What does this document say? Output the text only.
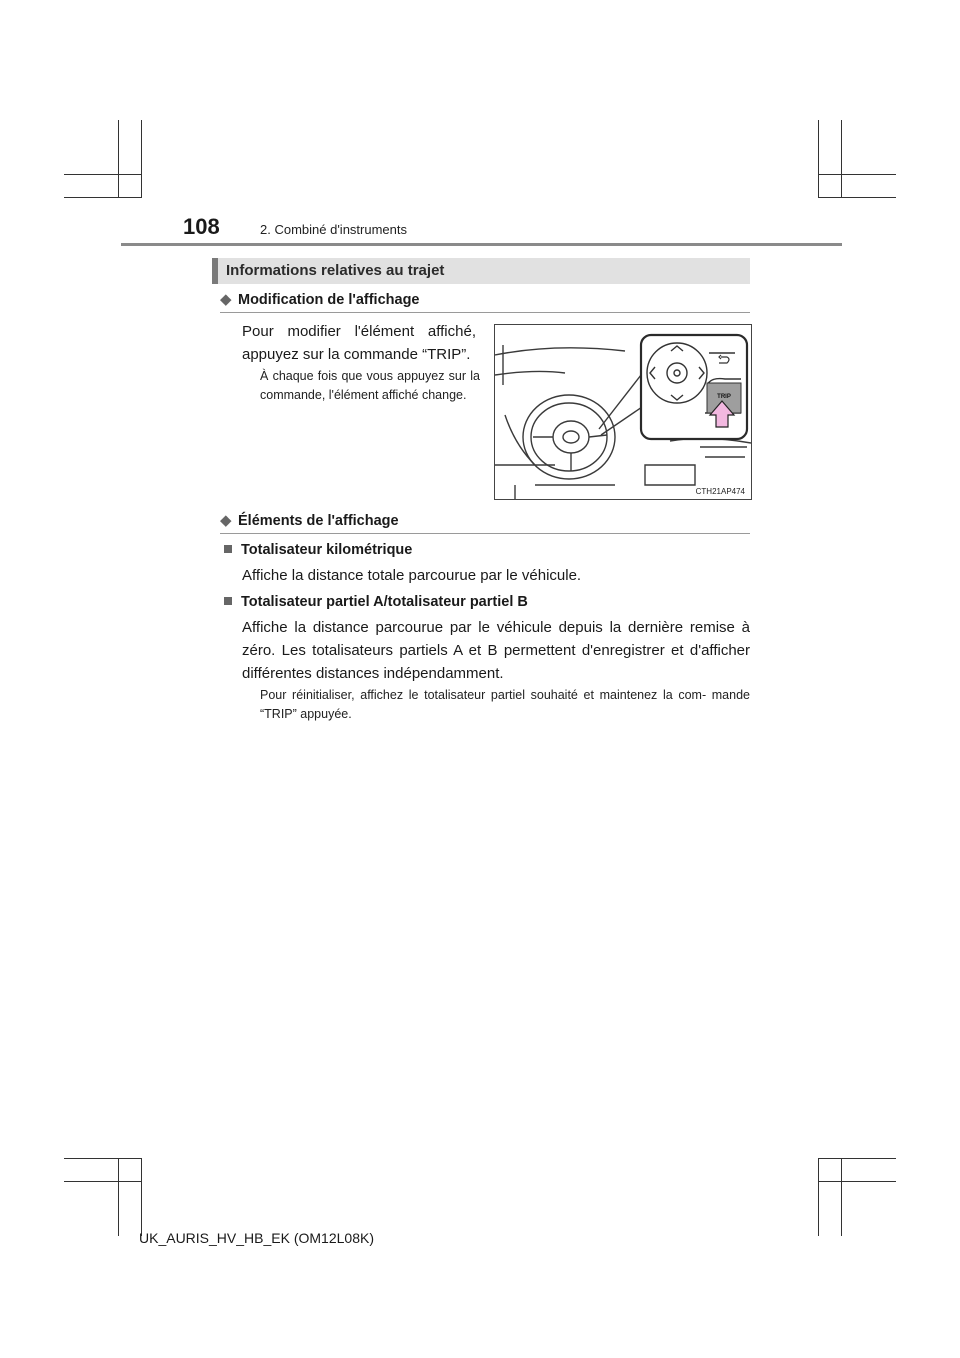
108	2. Combiné d'instruments
Informations relatives au trajet
◆ Modification de l'affichage
Pour modifier l'élément affiché, appuyez sur la commande “TRIP”.
À chaque fois que vous appuyez sur la commande, l'élément affiché change.	TRIP
CTH21AP474
◆ Éléments de l'affichage
Totalisateur kilométrique
Affiche la distance totale parcourue par le véhicule.
Totalisateur partiel A/totalisateur partiel B
Affiche la distance parcourue par le véhicule depuis la dernière remise à zéro. Les totalisateurs partiels A et B permettent d'enregistrer et d'afficher différentes distances indépendamment.
Pour réinitialiser, affichez le totalisateur partiel souhaité et maintenez la com- mande “TRIP” appuyée.
UK_AURIS_HV_HB_EK (OM12L08K)
